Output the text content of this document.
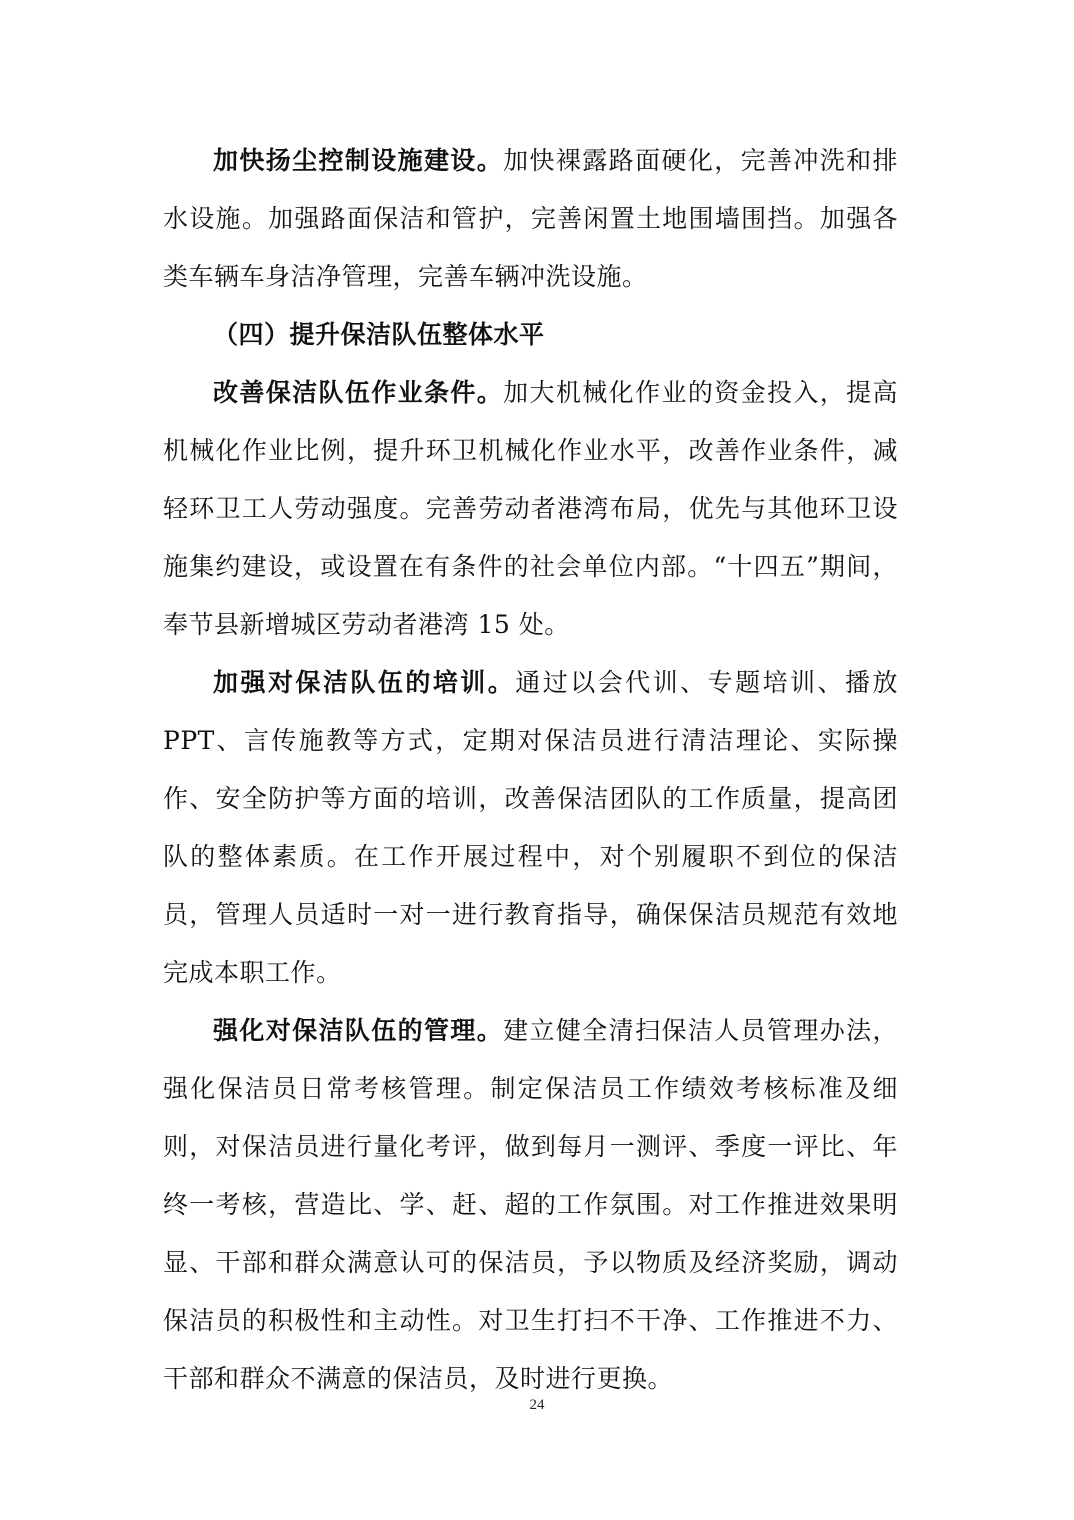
加快扬尘控制设施建设。加快裸露路面硬化，完善冲洗和排水设施。加强路面保洁和管护，完善闲置土地围墙围挡。加强各类车辆车身洁净管理，完善车辆冲洗设施。

（四）提升保洁队伍整体水平

改善保洁队伍作业条件。加大机械化作业的资金投入，提高机械化作业比例，提升环卫机械化作业水平，改善作业条件，减轻环卫工人劳动强度。完善劳动者港湾布局，优先与其他环卫设施集约建设，或设置在有条件的社会单位内部。“十四五”期间，奉节县新增城区劳动者港湾 15 处。

加强对保洁队伍的培训。通过以会代训、专题培训、播放 PPT、言传施教等方式，定期对保洁员进行清洁理论、实际操作、安全防护等方面的培训，改善保洁团队的工作质量，提高团队的整体素质。在工作开展过程中，对个别履职不到位的保洁员，管理人员适时一对一进行教育指导，确保保洁员规范有效地完成本职工作。

强化对保洁队伍的管理。建立健全清扫保洁人员管理办法，强化保洁员日常考核管理。制定保洁员工作绩效考核标准及细则，对保洁员进行量化考评，做到每月一测评、季度一评比、年终一考核，营造比、学、赶、超的工作氛围。对工作推进效果明显、干部和群众满意认可的保洁员，予以物质及经济奖励，调动保洁员的积极性和主动性。对卫生打扫不干净、工作推进不力、干部和群众不满意的保洁员，及时进行更换。

24
